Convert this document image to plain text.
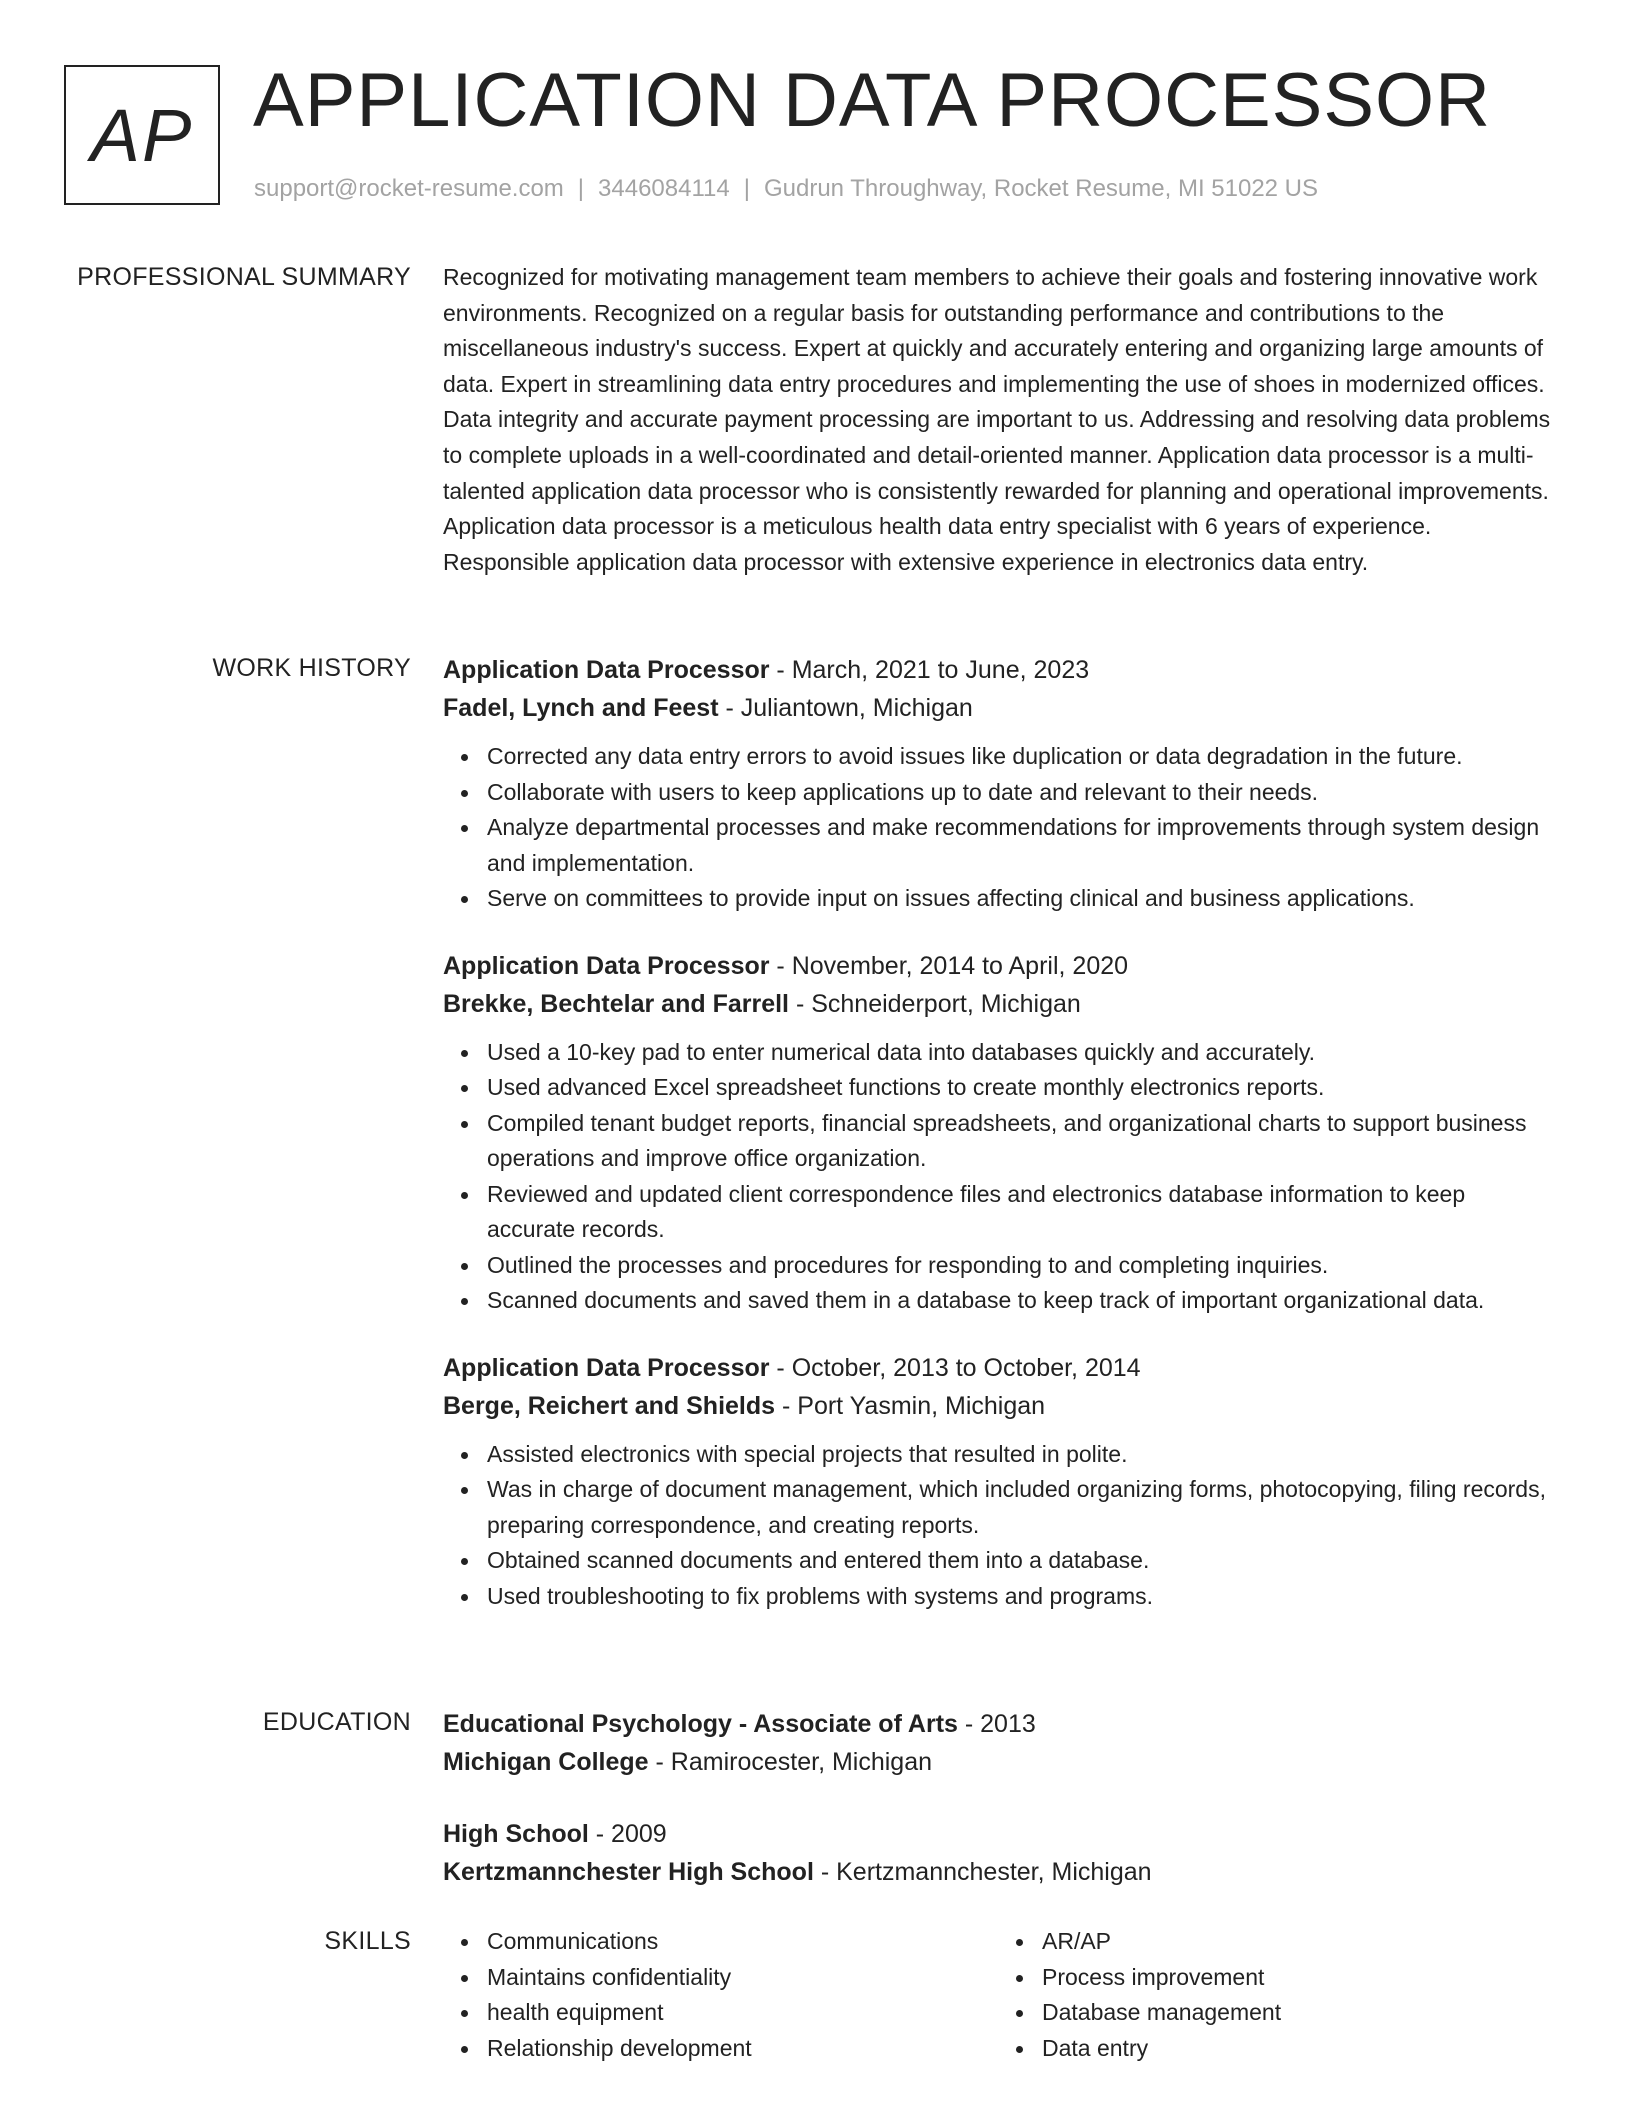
AP APPLICATION DATA PROCESSOR
support@rocket-resume.com | 3446084114 | Gudrun Throughway, Rocket Resume, MI 51022 US
PROFESSIONAL SUMMARY Recognized for motivating management team members to achieve their goals and fostering innovative work environments. Recognized on a regular basis for outstanding performance and contributions to the miscellaneous industry's success. Expert at quickly and accurately entering and organizing large amounts of data. Expert in streamlining data entry procedures and implementing the use of shoes in modernized offices. Data integrity and accurate payment processing are important to us. Addressing and resolving data problems to complete uploads in a well-coordinated and detail-oriented manner. Application data processor is a multi-talented application data processor who is consistently rewarded for planning and operational improvements. Application data processor is a meticulous health data entry specialist with 6 years of experience. Responsible application data processor with extensive experience in electronics data entry.

WORK HISTORY Application Data Processor - March, 2021 to June, 2023
Fadel, Lynch and Feest - Juliantown, Michigan
Corrected any data entry errors to avoid issues like duplication or data degradation in the future.
Collaborate with users to keep applications up to date and relevant to their needs.
Analyze departmental processes and make recommendations for improvements through system design and implementation.
Serve on committees to provide input on issues affecting clinical and business applications.
Application Data Processor - November, 2014 to April, 2020
Brekke, Bechtelar and Farrell - Schneiderport, Michigan
Used a 10-key pad to enter numerical data into databases quickly and accurately.
Used advanced Excel spreadsheet functions to create monthly electronics reports.
Compiled tenant budget reports, financial spreadsheets, and organizational charts to support business operations and improve office organization.
Reviewed and updated client correspondence files and electronics database information to keep accurate records.
Outlined the processes and procedures for responding to and completing inquiries.
Scanned documents and saved them in a database to keep track of important organizational data.
Application Data Processor - October, 2013 to October, 2014
Berge, Reichert and Shields - Port Yasmin, Michigan
Assisted electronics with special projects that resulted in polite.
Was in charge of document management, which included organizing forms, photocopying, filing records, preparing correspondence, and creating reports.
Obtained scanned documents and entered them into a database.
Used troubleshooting to fix problems with systems and programs.
EDUCATION Educational Psychology - Associate of Arts - 2013
Michigan College - Ramirocester, Michigan
High School - 2009
Kertzmannchester High School - Kertzmannchester, Michigan
SKILLS	Communications
Maintains confidentiality
health equipment
Relationship development
AR/AP
Process improvement
Database management
Data entry
